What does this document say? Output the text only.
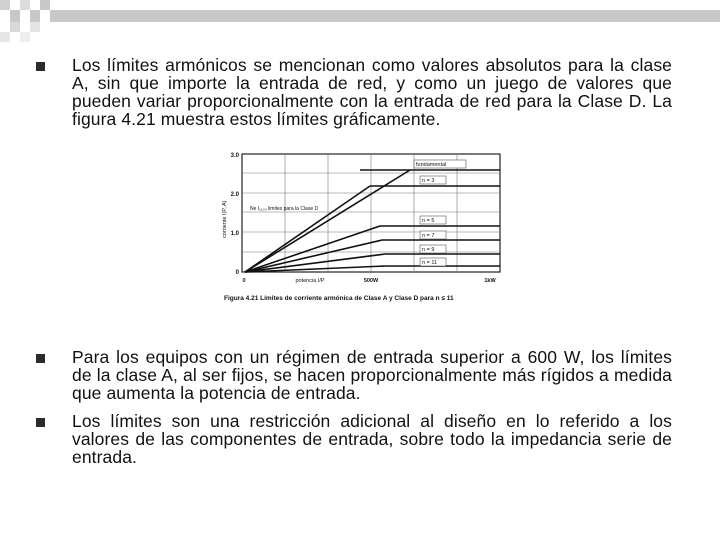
Los límites armónicos se mencionan como valores absolutos para la clase A, sin que importe la entrada de red, y como un juego de valores que pueden variar proporcionalmente con la entrada de red para la Clase D. La figura 4.21 muestra estos límites gráficamente.
fundamental
n = 3
n = 5
n = 7
n = 9
n = 11
Ne I₁₁₀₀ limites para la Clase D
3.0
2.0
1.0
0
corriente I(P, A)
0	potencia I/P	500W	1kW
Figura 4.21 Límites de corriente armónica de Clase A y Clase D para n ≤ 11
Para los equipos con un régimen de entrada superior a 600 W, los límites de la clase A, al ser fijos, se hacen proporcionalmente más rígidos a medida que aumenta la potencia de entrada.
Los límites son una restricción adicional al diseño en lo referido a los valores de las componentes de entrada, sobre todo la impedancia serie de entrada.
